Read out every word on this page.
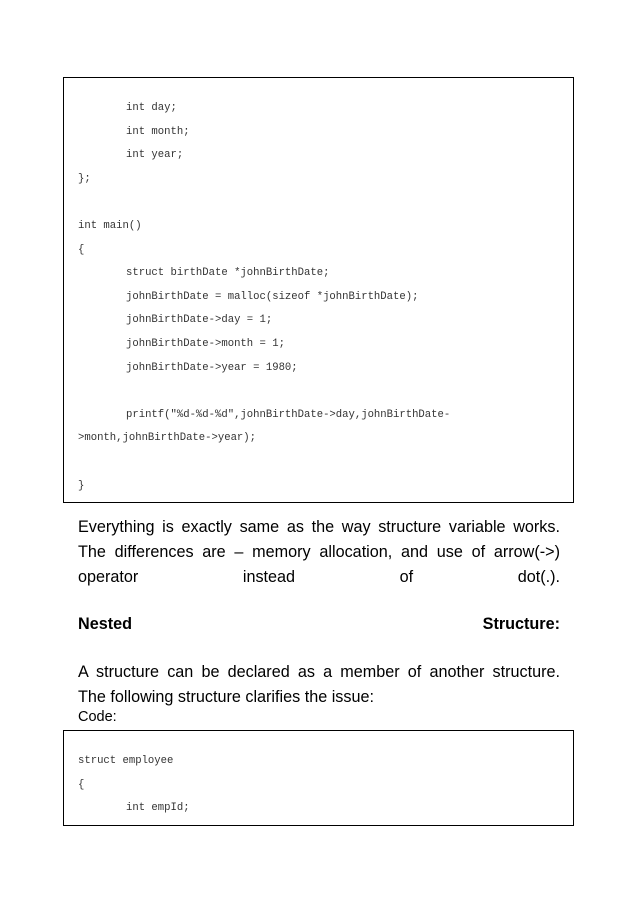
int day;

int month;

int year;

};

int main()

{

struct birthDate *johnBirthDate;

johnBirthDate = malloc(sizeof *johnBirthDate);

johnBirthDate->day = 1;

johnBirthDate->month = 1;

johnBirthDate->year = 1980;

printf("%d-%d-%d",johnBirthDate->day,johnBirthDate-

>month,johnBirthDate->year);

}

Everything is exactly same as the way structure variable works.
The differences are – memory allocation, and use of arrow(->)
operator	instead	of	dot(.).
Nested	Structure:
A structure can be declared as a member of another structure.
The following structure clarifies the issue:
Code:

struct employee

{

int empId;
